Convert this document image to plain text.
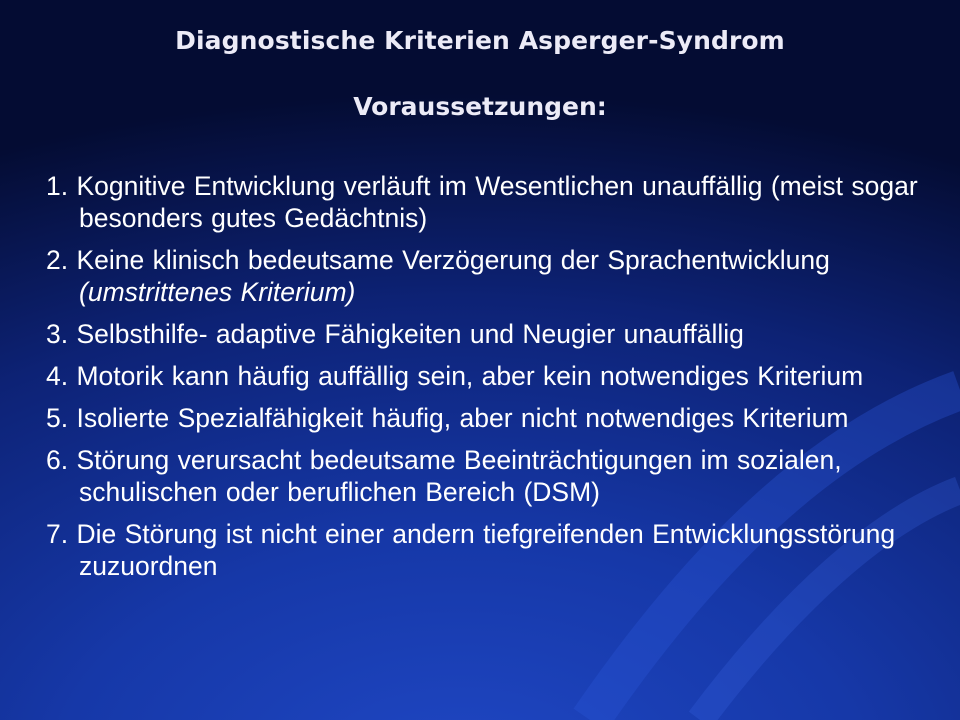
Diagnostische Kriterien Asperger-Syndrom
Voraussetzungen:
1. Kognitive Entwicklung verläuft im Wesentlichen unauffällig (meist sogar besonders gutes Gedächtnis)
2. Keine klinisch bedeutsame Verzögerung der Sprachentwicklung (umstrittenes Kriterium)
3. Selbsthilfe- adaptive Fähigkeiten und Neugier unauffällig
4. Motorik kann häufig auffällig sein, aber kein notwendiges Kriterium
5. Isolierte Spezialfähigkeit häufig, aber nicht notwendiges Kriterium
6. Störung verursacht bedeutsame Beeinträchtigungen im sozialen, schulischen oder beruflichen Bereich (DSM)
7. Die Störung ist nicht einer andern tiefgreifenden Entwicklungsstörung zuzuordnen
